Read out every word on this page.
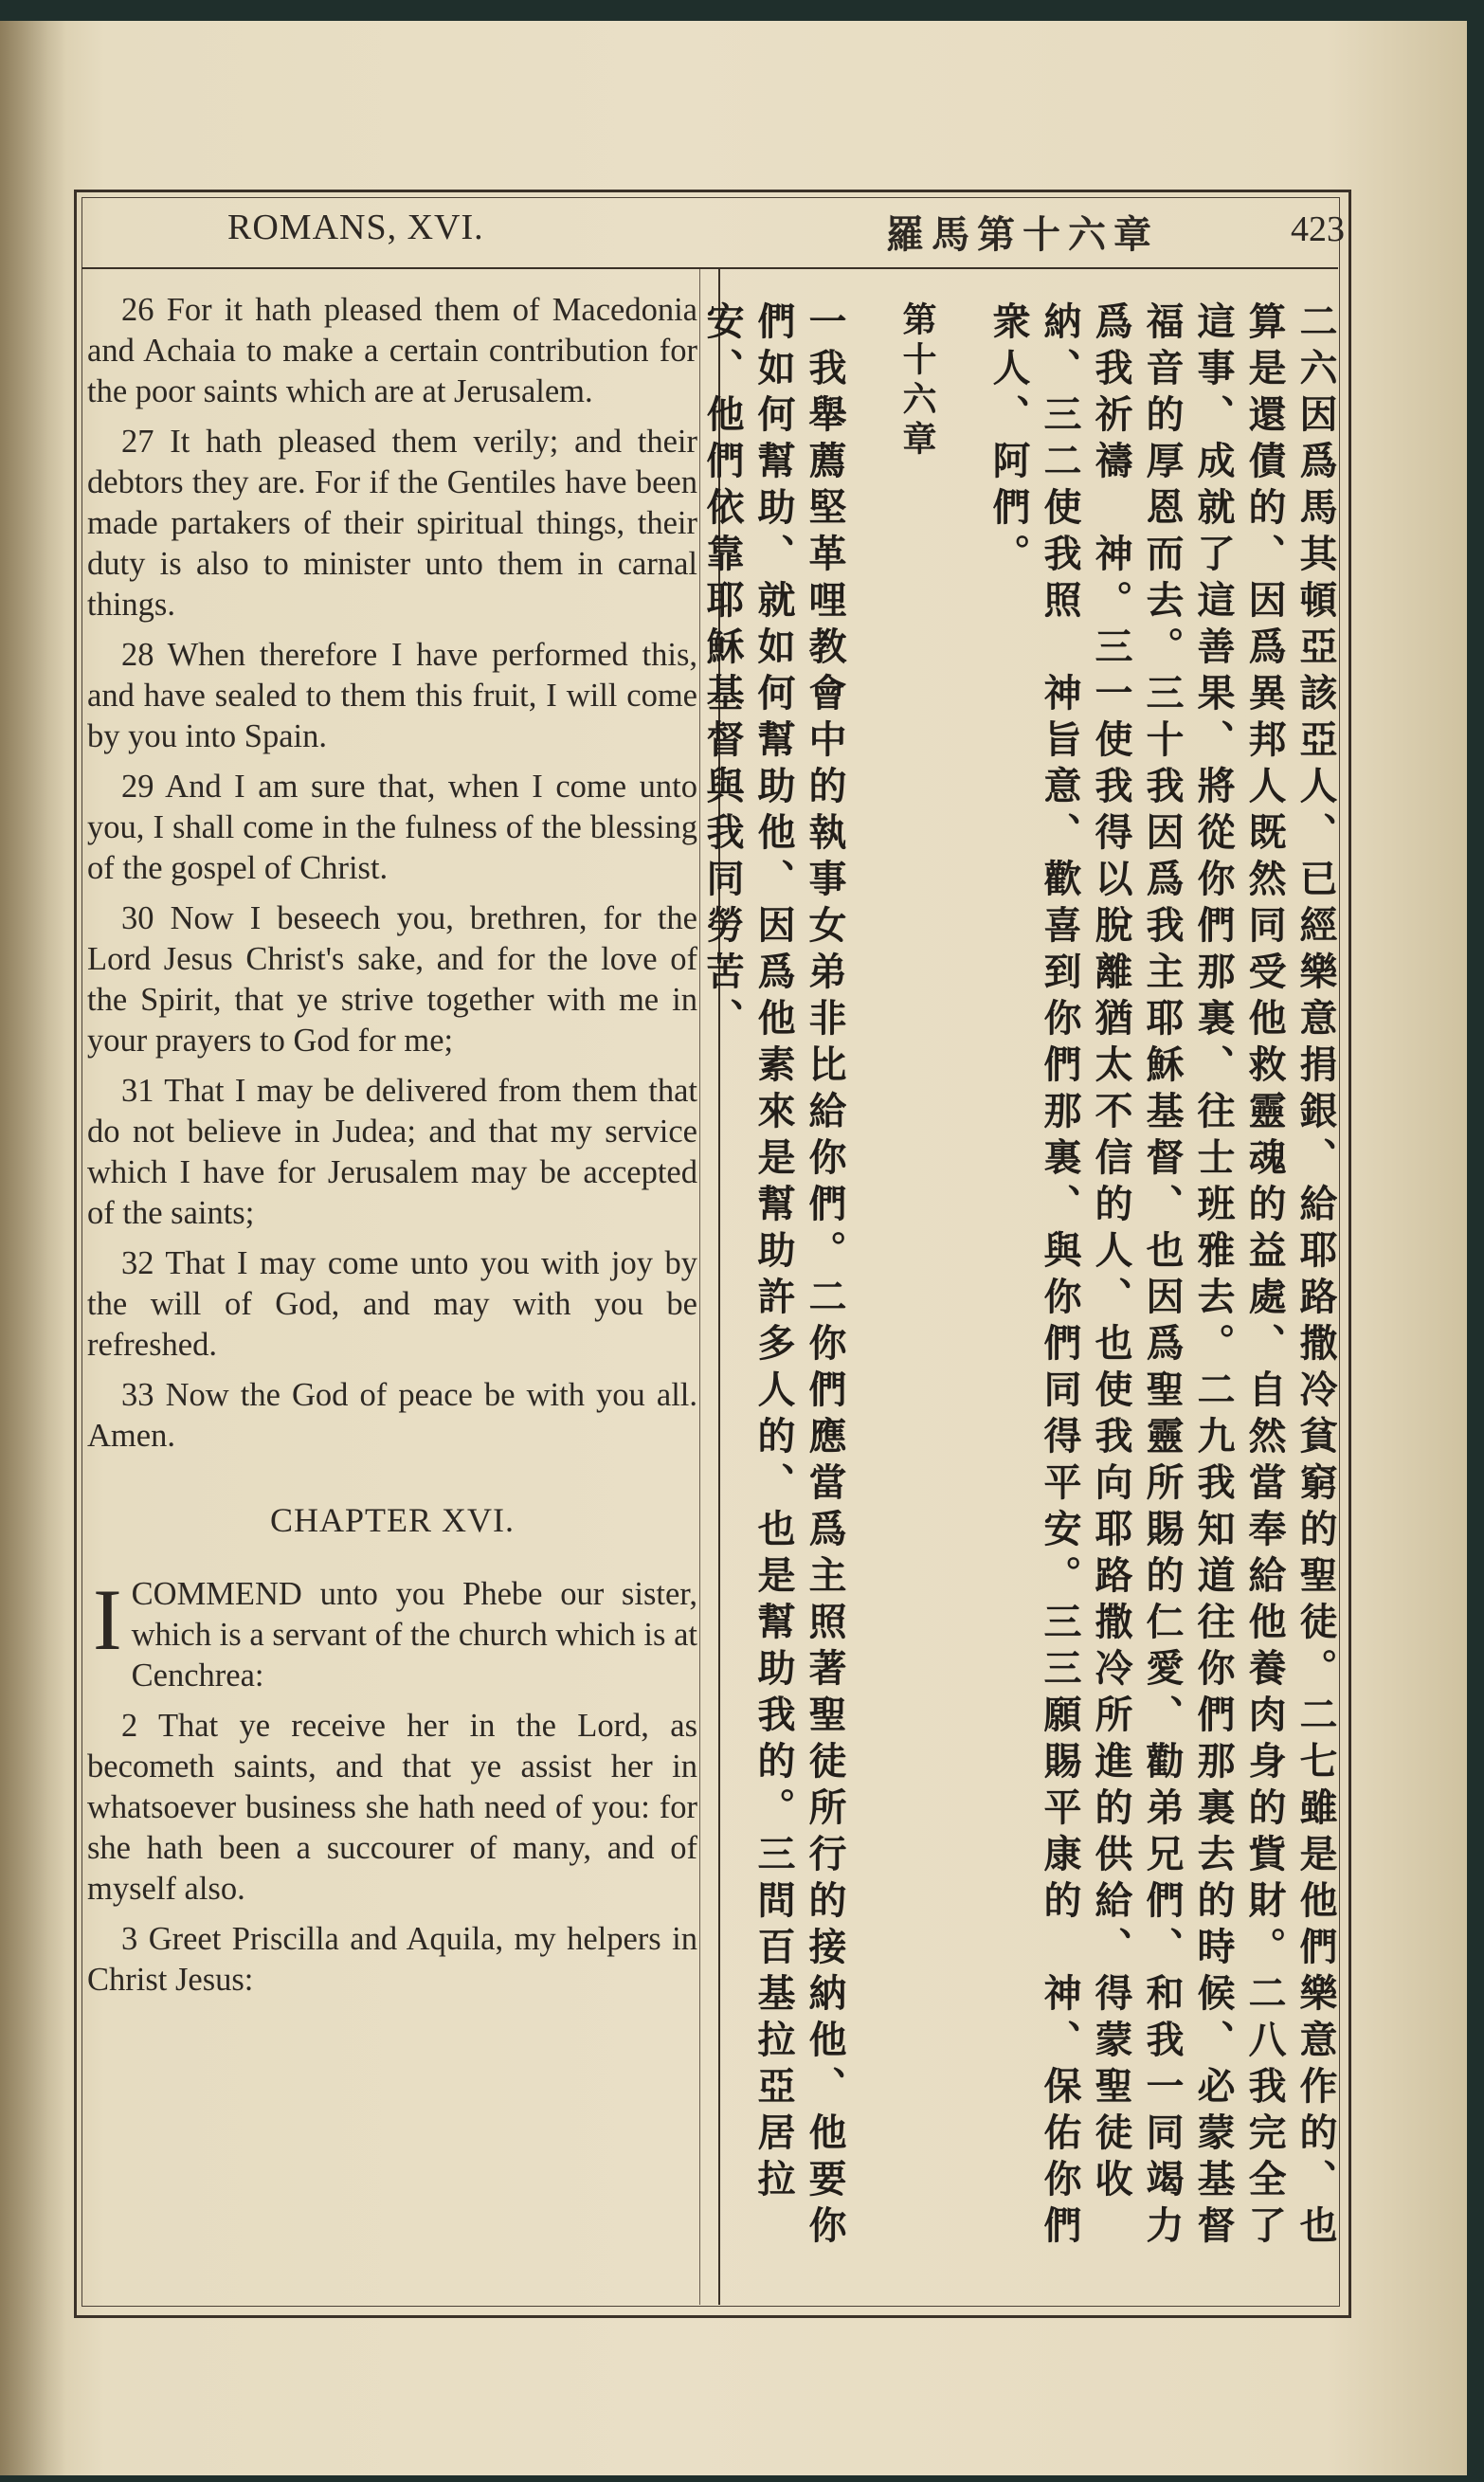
ROMANS, XVI.	羅馬第十六章	423

26 For it hath pleased them of Macedonia and Achaia to make a certain contribution for the poor saints which are at Jerusalem.

27 It hath pleased them verily; and their debtors they are. For if the Gentiles have been made partakers of their spiritual things, their duty is also to minister unto them in carnal things.

28 When therefore I have performed this, and have sealed to them this fruit, I will come by you into Spain.

29 And I am sure that, when I come unto you, I shall come in the fulness of the blessing of the gospel of Christ.

30 Now I beseech you, brethren, for the Lord Jesus Christ's sake, and for the love of the Spirit, that ye strive together with me in your prayers to God for me;

31 That I may be delivered from them that do not believe in Judea; and that my service which I have for Jerusalem may be accepted of the saints;

32 That I may come unto you with joy by the will of God, and may with you be refreshed.

33 Now the God of peace be with you all. Amen.

CHAPTER XVI.
I COMMEND unto you Phebe our sister, which is a servant of the church which is at Cenchrea:

2 That ye receive her in the Lord, as becometh saints, and that ye assist her in whatsoever business she hath need of you: for she hath been a succourer of many, and of myself also.

3 Greet Priscilla and Aquila, my helpers in Christ Jesus:	二六因爲馬其頓亞該亞人、已經樂意捐銀、給耶路撒冷貧窮的聖徒。二七雖是他們樂意作的、也算是還債的、因爲異邦人既然同受他救靈魂的益處、自然當奉給他養肉身的貲財。二八我完全了這事、成就了這善果、將從你們那裏、往士班雅去。二九我知道往你們那裏去的時候、必蒙基督福音的厚恩而去。三十我因爲我主耶穌基督、也因爲聖靈所賜的仁愛、勸弟兄們、和我一同竭力爲我祈禱　神。三一使我得以脫離猶太不信的人、也使我向耶路撒冷所進的供給、得蒙聖徒收納、三二使我照　神旨意、歡喜到你們那裏、與你們同得平安。三三願賜平康的　神、保佑你們衆人、阿們。

第十六章

一我舉薦堅革哩教會中的執事女弟非比給你們。二你們應當爲主照著聖徒所行的接納他、他要你們如何幫助、就如何幫助他、因爲他素來是幫助許多人的、也是幫助我的。三問百基拉亞居拉安、他們依靠耶穌基督與我同勞苦、
